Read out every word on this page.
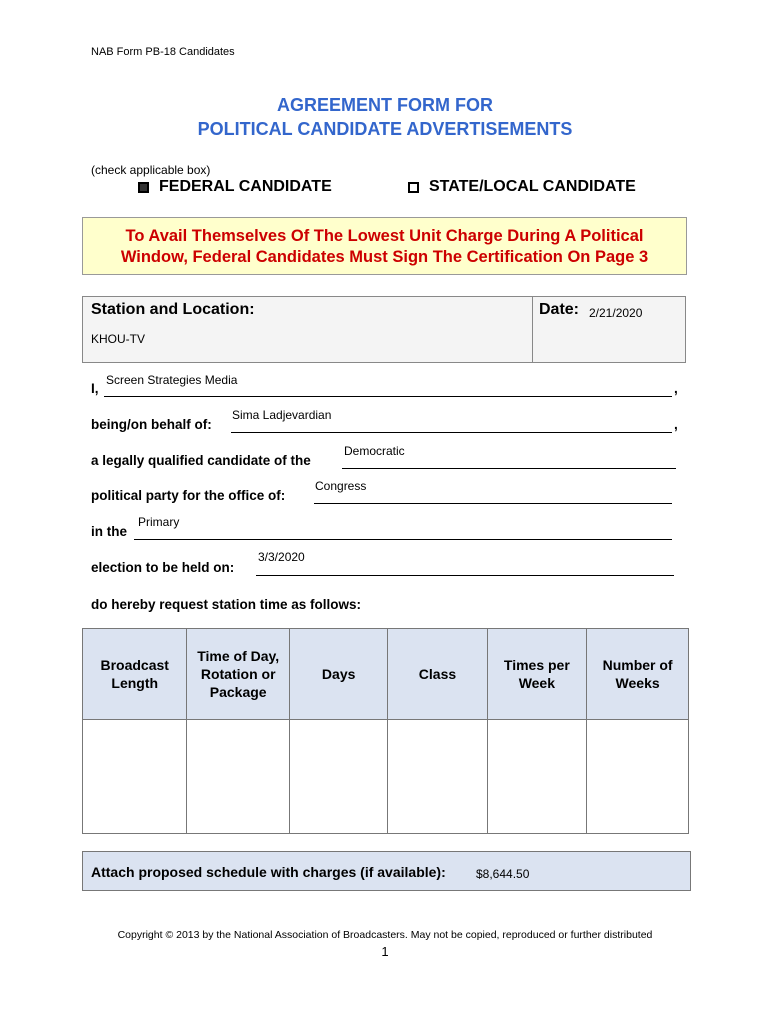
NAB Form PB-18 Candidates
AGREEMENT FORM FOR
POLITICAL CANDIDATE ADVERTISEMENTS
(check applicable box)
FEDERAL CANDIDATE	STATE/LOCAL CANDIDATE
To Avail Themselves Of The Lowest Unit Charge During A Political
Window, Federal Candidates Must Sign The Certification On Page 3
Station and Location:
KHOU-TV
Date: 2/21/2020
I,
Screen Strategies Media
,
being/on behalf of:
Sima Ladjevardian
,
a legally qualified candidate of the
Democratic
political party for the office of:
Congress
in the
Primary
election to be held on:
3/3/2020
do hereby request station time as follows:
Broadcast Length	Time of Day, Rotation or Package	Days	Class	Times per Week	Number of Weeks

Attach proposed schedule with charges (if available):	$8,644.50
Copyright © 2013 by the National Association of Broadcasters. May not be copied, reproduced or further distributed
1
